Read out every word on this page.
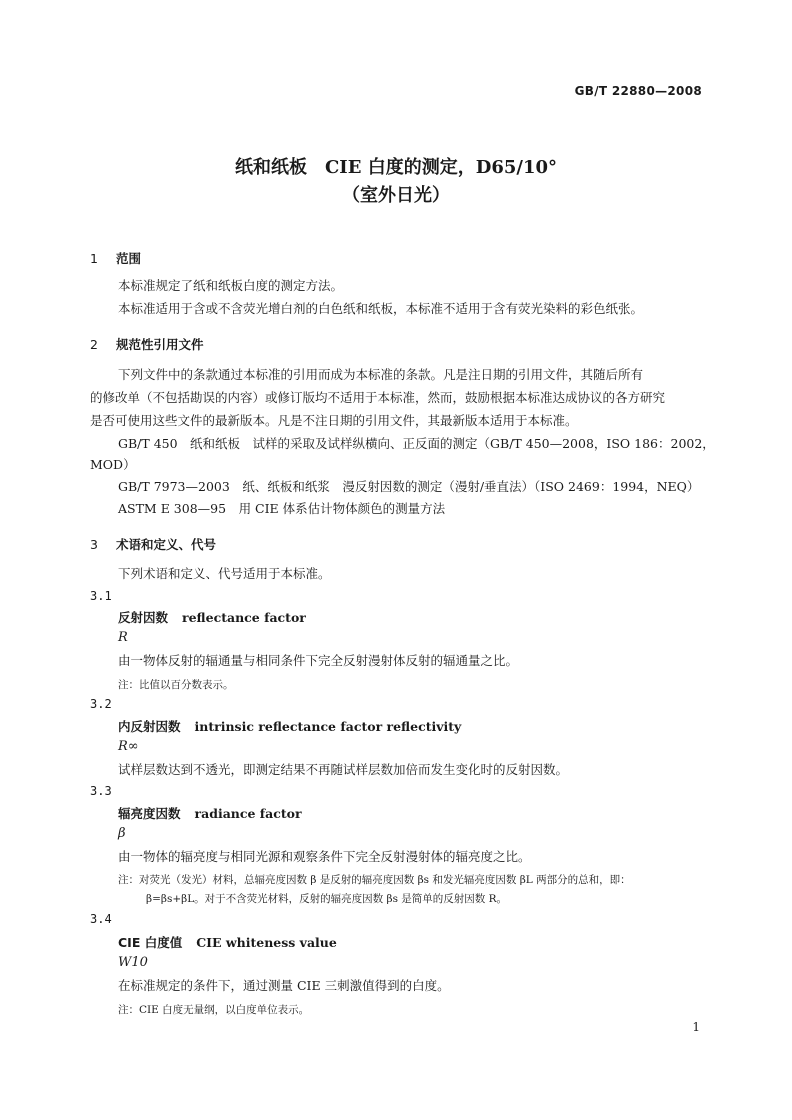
GB/T 22880—2008
纸和纸板　CIE 白度的测定，D65/10°
（室外日光）
1 范围
本标准规定了纸和纸板白度的测定方法。
本标准适用于含或不含荧光增白剂的白色纸和纸板，本标准不适用于含有荧光染料的彩色纸张。
2 规范性引用文件
下列文件中的条款通过本标准的引用而成为本标准的条款。凡是注日期的引用文件，其随后所有
的修改单（不包括勘误的内容）或修订版均不适用于本标准，然而，鼓励根据本标准达成协议的各方研究
是否可使用这些文件的最新版本。凡是不注日期的引用文件，其最新版本适用于本标准。
GB/T 450　纸和纸板　试样的采取及试样纵横向、正反面的测定（GB/T 450—2008，ISO 186：2002，
MOD）
GB/T 7973—2003　纸、纸板和纸浆　漫反射因数的测定（漫射/垂直法）（ISO 2469：1994，NEQ）
ASTM E 308—95　用 CIE 体系估计物体颜色的测量方法
3 术语和定义、代号
下列术语和定义、代号适用于本标准。
3.1
反射因数 reflectance factor
R
由一物体反射的辐通量与相同条件下完全反射漫射体反射的辐通量之比。
注：比值以百分数表示。
3.2
内反射因数 intrinsic reflectance factor reflectivity
R∞
试样层数达到不透光，即测定结果不再随试样层数加倍而发生变化时的反射因数。
3.3
辐亮度因数 radiance factor
β
由一物体的辐亮度与相同光源和观察条件下完全反射漫射体的辐亮度之比。
注：对荧光（发光）材料，总辐亮度因数 β 是反射的辐亮度因数 βs 和发光辐亮度因数 βL 两部分的总和，即：
β=βs+βL。对于不含荧光材料，反射的辐亮度因数 βs 是简单的反射因数 R。
3.4
CIE 白度值 CIE whiteness value
W10
在标准规定的条件下，通过测量 CIE 三刺激值得到的白度。
注：CIE 白度无量纲，以白度单位表示。
1
